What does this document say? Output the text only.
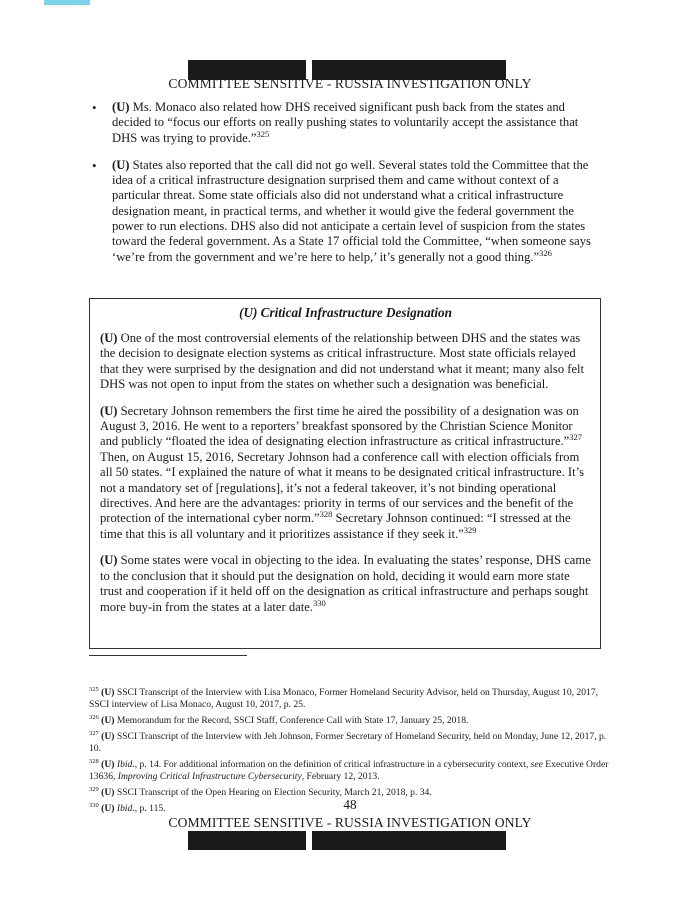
COMMITTEE SENSITIVE - RUSSIA INVESTIGATION ONLY
• (U) Ms. Monaco also related how DHS received significant push back from the states and decided to “focus our efforts on really pushing states to voluntarily accept the assistance that DHS was trying to provide.”$^{325}$
• (U) States also reported that the call did not go well. Several states told the Committee that the idea of a critical infrastructure designation surprised them and came without context of a particular threat. Some state officials also did not understand what a critical infrastructure designation meant, in practical terms, and whether it would give the federal government the power to run elections. DHS also did not anticipate a certain level of suspicion from the states toward the federal government. As a State 17 official told the Committee, “when someone says ‘we’re from the government and we’re here to help,’ it’s generally not a good thing.”$^{326}$
(U) Critical Infrastructure Designation

(U) One of the most controversial elements of the relationship between DHS and the states was the decision to designate election systems as critical infrastructure. Most state officials relayed that they were surprised by the designation and did not understand what it meant; many also felt DHS was not open to input from the states on whether such a designation was beneficial.

(U) Secretary Johnson remembers the first time he aired the possibility of a designation was on August 3, 2016. He went to a reporters’ breakfast sponsored by the Christian Science Monitor and publicly “floated the idea of designating election infrastructure as critical infrastructure.”$^{327}$ Then, on August 15, 2016, Secretary Johnson had a conference call with election officials from all 50 states. “I explained the nature of what it means to be designated critical infrastructure. It’s not a mandatory set of [regulations], it’s not a federal takeover, it’s not binding operational directives. And here are the advantages: priority in terms of our services and the benefit of the protection of the international cyber norm.”$^{328}$ Secretary Johnson continued: “I stressed at the time that this is all voluntary and it prioritizes assistance if they seek it.”$^{329}$

(U) Some states were vocal in objecting to the idea. In evaluating the states’ response, DHS came to the conclusion that it should put the designation on hold, deciding it would earn more state trust and cooperation if it held off on the designation as critical infrastructure and perhaps sought more buy-in from the states at a later date.$^{330}$

$^{325}$ (U) SSCI Transcript of the Interview with Lisa Monaco, Former Homeland Security Advisor, held on Thursday, August 10, 2017, SSCI interview of Lisa Monaco, August 10, 2017, p. 25.

$^{326}$ (U) Memorandum for the Record, SSCI Staff, Conference Call with State 17, January 25, 2018.

$^{327}$ (U) SSCI Transcript of the Interview with Jeh Johnson, Former Secretary of Homeland Security, held on Monday, June 12, 2017, p. 10.

$^{328}$ (U) Ibid., p. 14. For additional information on the definition of critical infrastructure in a cybersecurity context, see Executive Order 13636, Improving Critical Infrastructure Cybersecurity, February 12, 2013.

$^{329}$ (U) SSCI Transcript of the Open Hearing on Election Security, March 21, 2018, p. 34.

$^{330}$ (U) Ibid., p. 115.	48
COMMITTEE SENSITIVE - RUSSIA INVESTIGATION ONLY
